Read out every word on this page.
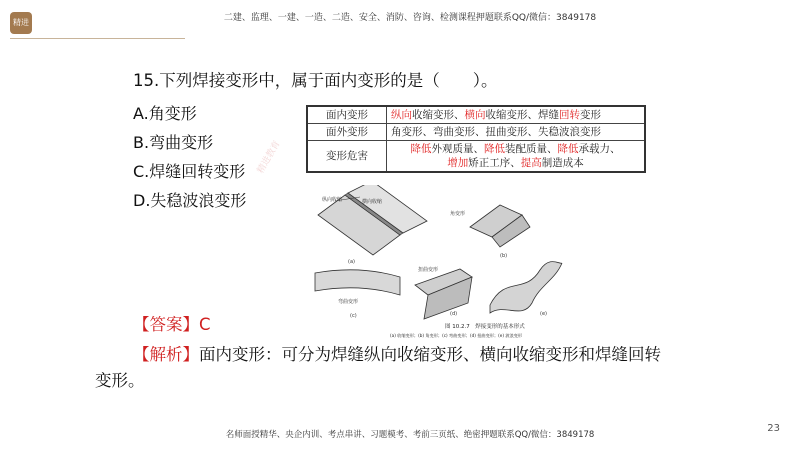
精进	二建、监理、一建、一造、二造、安全、消防、咨询、检测课程押题联系QQ/微信：3849178
15.下列焊接变形中，属于面内变形的是（　　）。
A.角变形
B.弯曲变形
C.焊缝回转变形
D.失稳波浪变形
面内变形	纵向收缩变形、横向收缩变形、焊缝回转变形
面外变形	角变形、弯曲变形、扭曲变形、失稳波浪变形
变形危害	降低外观质量、降低装配质量、降低承载力、
增加矫正工序、提高制造成本
精进教育
纵向收缩	横向收缩
(a)
角变形
(b)
弯曲变形
(c)
扭曲变形
(d)	(e)
图 10.2.7　焊接变形的基本形式
(a) 收缩变形；(b) 角变形；(c) 弯曲变形；(d) 扭曲变形；(e) 波浪变形
【答案】C
【解析】面内变形：可分为焊缝纵向收缩变形、横向收缩变形和焊缝回转变形。
名师面授精华、央企内训、考点串讲、习题模考、考前三页纸、绝密押题联系QQ/微信：3849178
23
